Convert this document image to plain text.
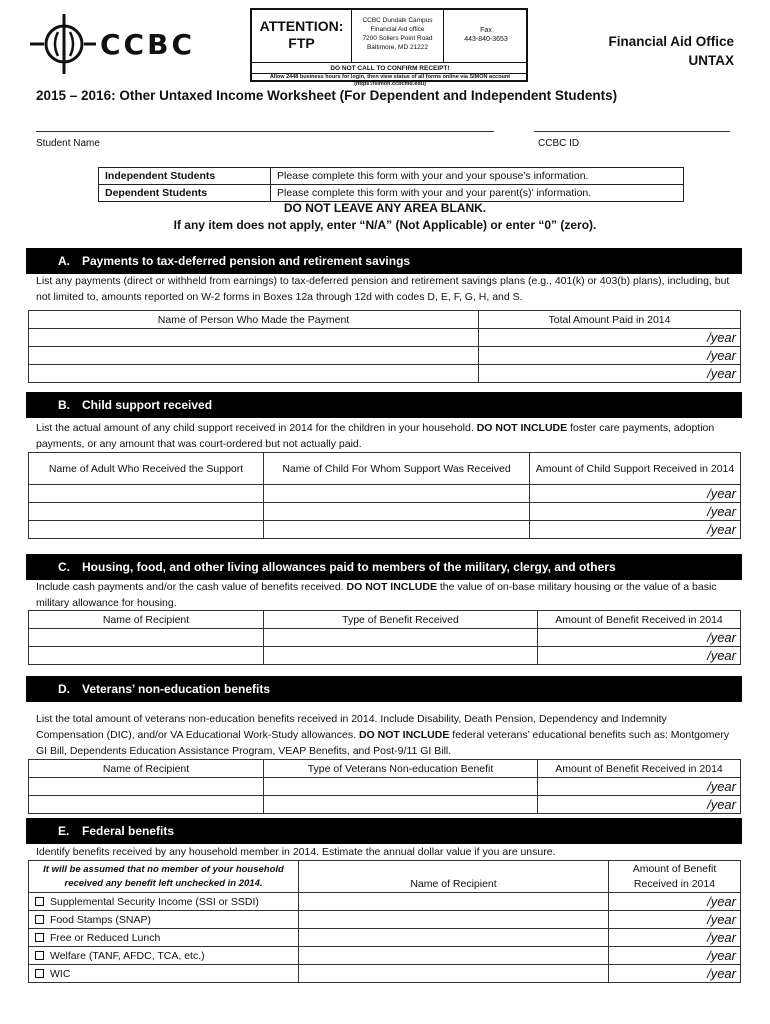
CCBC
ATTENTION:
FTP
CCBC Dundalk Campus
Financial Aid office
7200 Sollers Point Road
Baltimore, MD 21222
Fax
443-840-3653
DO NOT CALL TO CONFIRM RECEIPT!
Allow 2448 business hours for login, then view status of all forms online via SIMON account (https://simon.ccbcmd.edu)
Financial Aid Office
UNTAX
2015 – 2016: Other Untaxed Income Worksheet (For Dependent and Independent Students)
Student Name	CCBC ID
Independent Students	Please complete this form with your and your spouse’s information.
Dependent Students	Please complete this form with your and your parent(s)’ information.
DO NOT LEAVE ANY AREA BLANK.
If any item does not apply, enter “N/A” (Not Applicable) or enter “0” (zero).
A. Payments to tax-deferred pension and retirement savings
List any payments (direct or withheld from earnings) to tax-deferred pension and retirement savings plans (e.g., 401(k) or 403(b) plans), including, but not limited to, amounts reported on W-2 forms in Boxes 12a through 12d with codes D, E, F, G, H, and S.
Name of Person Who Made the Payment	Total Amount Paid in 2014
	/year
	/year
	/year
B. Child support received
List the actual amount of any child support received in 2014 for the children in your household. DO NOT INCLUDE foster care payments, adoption payments, or any amount that was court-ordered but not actually paid.
Name of Adult Who Received the Support	Name of Child For Whom Support Was Received	Amount of Child Support Received in 2014
		/year
		/year
		/year
C. Housing, food, and other living allowances paid to members of the military, clergy, and others
Include cash payments and/or the cash value of benefits received. DO NOT INCLUDE the value of on-base military housing or the value of a basic military allowance for housing.
Name of Recipient	Type of Benefit Received	Amount of Benefit Received in 2014
		/year
		/year
D. Veterans’ non-education benefits
List the total amount of veterans non-education benefits received in 2014. Include Disability, Death Pension, Dependency and Indemnity Compensation (DIC), and/or VA Educational Work-Study allowances. DO NOT INCLUDE federal veterans’ educational benefits such as: Montgomery GI Bill, Dependents Education Assistance Program, VEAP Benefits, and Post-9/11 GI Bill.
Name of Recipient	Type of Veterans Non-education Benefit	Amount of Benefit Received in 2014
		/year
		/year
E. Federal benefits
Identify benefits received by any household member in 2014. Estimate the annual dollar value if you are unsure.
It will be assumed that no member of your household received any benefit left unchecked in 2014.	Name of Recipient	Amount of Benefit Received in 2014
Supplemental Security Income (SSI or SSDI)		/year
Food Stamps (SNAP)		/year
Free or Reduced Lunch		/year
Welfare (TANF, AFDC, TCA, etc.)		/year
WIC		/year
